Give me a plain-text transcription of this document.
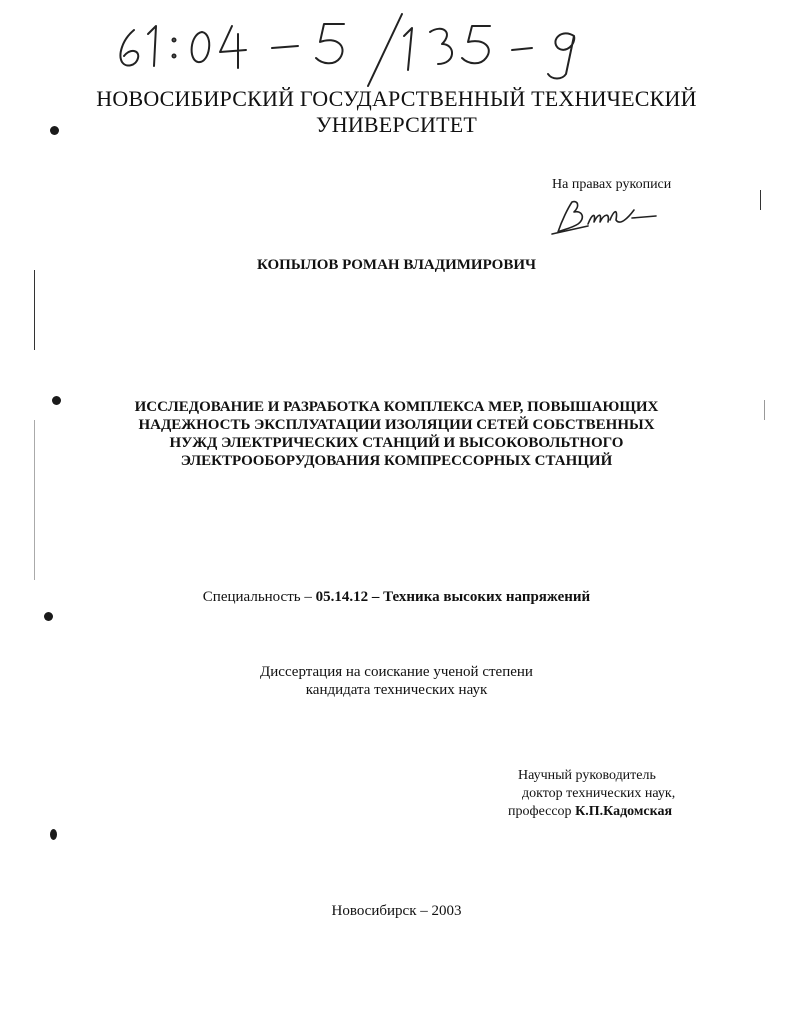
НОВОСИБИРСКИЙ ГОСУДАРСТВЕННЫЙ ТЕХНИЧЕСКИЙ
УНИВЕРСИТЕТ
На правах рукописи
КОПЫЛОВ РОМАН ВЛАДИМИРОВИЧ
ИССЛЕДОВАНИЕ И РАЗРАБОТКА КОМПЛЕКСА МЕР, ПОВЫШАЮЩИХ
НАДЕЖНОСТЬ ЭКСПЛУАТАЦИИ ИЗОЛЯЦИИ СЕТЕЙ СОБСТВЕННЫХ
НУЖД ЭЛЕКТРИЧЕСКИХ СТАНЦИЙ И ВЫСОКОВОЛЬТНОГО
ЭЛЕКТРООБОРУДОВАНИЯ КОМПРЕССОРНЫХ СТАНЦИЙ
Специальность – 05.14.12 – Техника высоких напряжений
Диссертация на соискание ученой степени
кандидата технических наук
Научный руководитель
доктор технических наук,
профессор К.П.Кадомская
Новосибирск – 2003
